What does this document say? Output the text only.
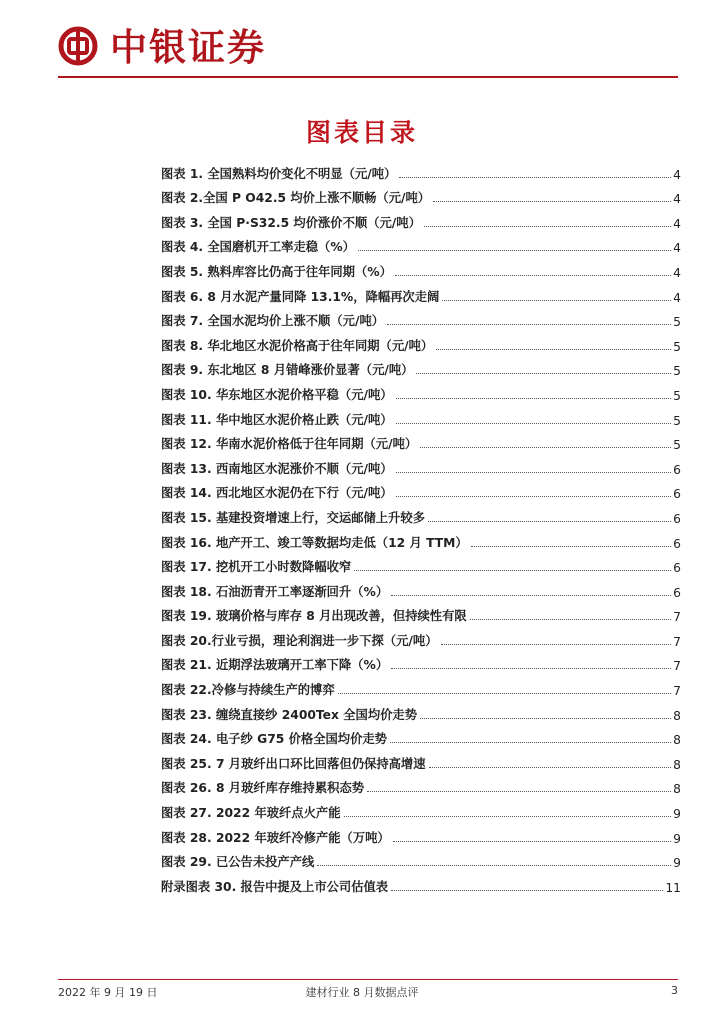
中银证券
图表目录
图表 1. 全国熟料均价变化不明显（元/吨）	4
图表 2.全国 P O42.5 均价上涨不顺畅（元/吨）	4
图表 3. 全国 P·S32.5 均价涨价不顺（元/吨）	4
图表 4. 全国磨机开工率走稳（%）	4
图表 5. 熟料库容比仍高于往年同期（%）	4
图表 6. 8 月水泥产量同降 13.1%，降幅再次走阔	4
图表 7. 全国水泥均价上涨不顺（元/吨）	5
图表 8. 华北地区水泥价格高于往年同期（元/吨）	5
图表 9. 东北地区 8 月错峰涨价显著（元/吨）	5
图表 10. 华东地区水泥价格平稳（元/吨）	5
图表 11. 华中地区水泥价格止跌（元/吨）	5
图表 12. 华南水泥价格低于往年同期（元/吨）	5
图表 13. 西南地区水泥涨价不顺（元/吨）	6
图表 14. 西北地区水泥仍在下行（元/吨）	6
图表 15. 基建投资增速上行，交运邮储上升较多	6
图表 16. 地产开工、竣工等数据均走低（12 月 TTM）	6
图表 17. 挖机开工小时数降幅收窄	6
图表 18. 石油沥青开工率逐渐回升（%）	6
图表 19. 玻璃价格与库存 8 月出现改善，但持续性有限	7
图表 20.行业亏损，理论利润进一步下探（元/吨）	7
图表 21. 近期浮法玻璃开工率下降（%）	7
图表 22.冷修与持续生产的博弈	7
图表 23. 缠绕直接纱 2400Tex 全国均价走势	8
图表 24. 电子纱 G75 价格全国均价走势	8
图表 25. 7 月玻纤出口环比回落但仍保持高增速	8
图表 26. 8 月玻纤库存维持累积态势	8
图表 27. 2022 年玻纤点火产能	9
图表 28. 2022 年玻纤冷修产能（万吨）	9
图表 29. 已公告未投产产线	9
附录图表 30. 报告中提及上市公司估值表	11
2022 年 9 月 19 日	建材行业 8 月数据点评	3
